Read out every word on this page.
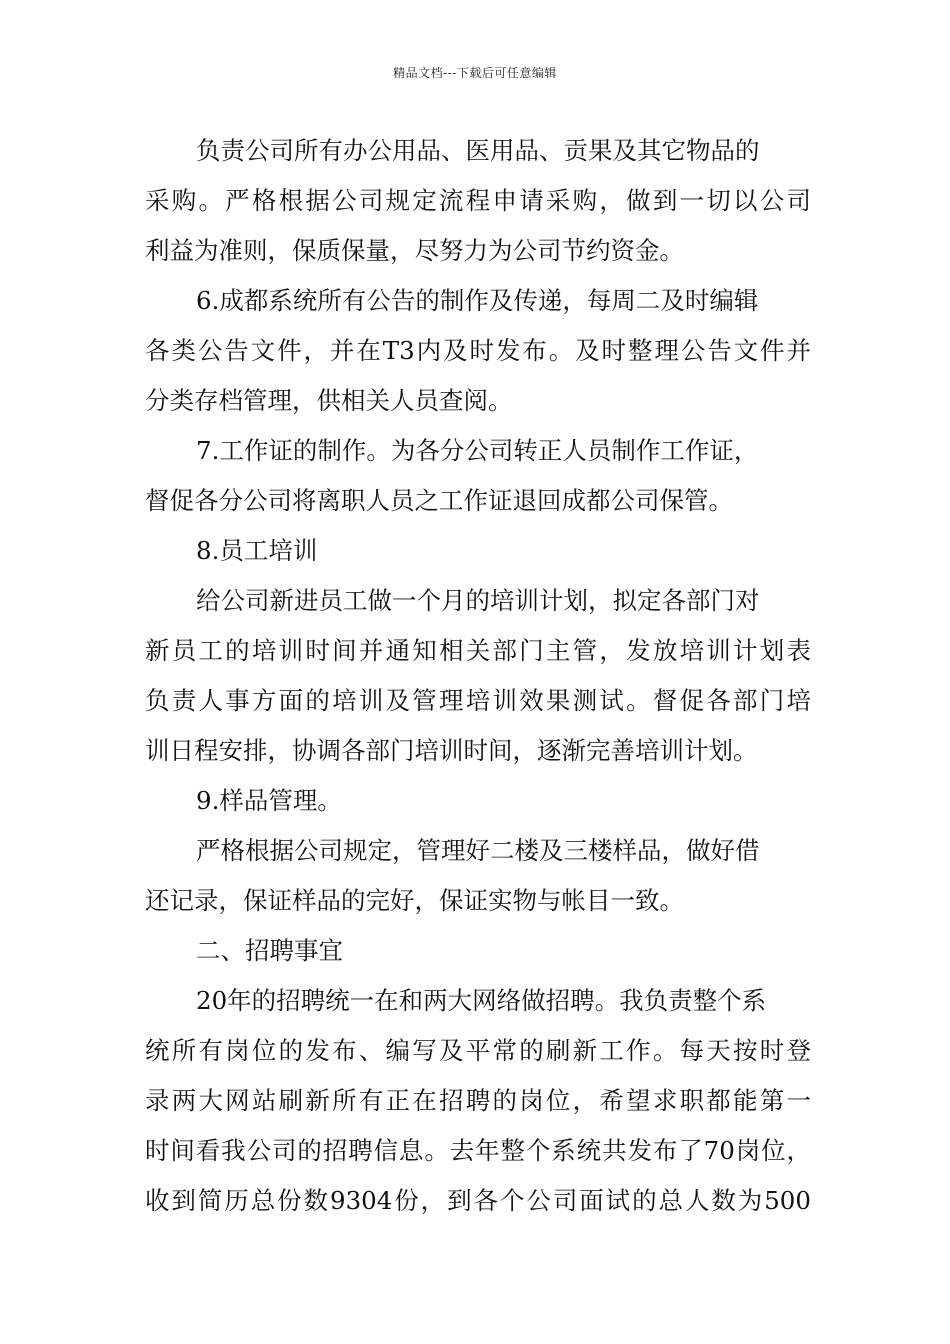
精品文档---下载后可任意编辑
负责公司所有办公用品、医用品、贡果及其它物品的
采购。严格根据公司规定流程申请采购，做到一切以公司
利益为准则，保质保量，尽努力为公司节约资金。
6.成都系统所有公告的制作及传递，每周二及时编辑
各类公告文件，并在T3内及时发布。及时整理公告文件并
分类存档管理，供相关人员查阅。
7.工作证的制作。为各分公司转正人员制作工作证，
督促各分公司将离职人员之工作证退回成都公司保管。
8.员工培训
给公司新进员工做一个月的培训计划，拟定各部门对
新员工的培训时间并通知相关部门主管，发放培训计划表
负责人事方面的培训及管理培训效果测试。督促各部门培
训日程安排，协调各部门培训时间，逐渐完善培训计划。
9.样品管理。
严格根据公司规定，管理好二楼及三楼样品，做好借
还记录，保证样品的完好，保证实物与帐目一致。
二、招聘事宜
20年的招聘统一在和两大网络做招聘。我负责整个系
统所有岗位的发布、编写及平常的刷新工作。每天按时登
录两大网站刷新所有正在招聘的岗位，希望求职都能第一
时间看我公司的招聘信息。去年整个系统共发布了70岗位，
收到简历总份数9304份，到各个公司面试的总人数为500
